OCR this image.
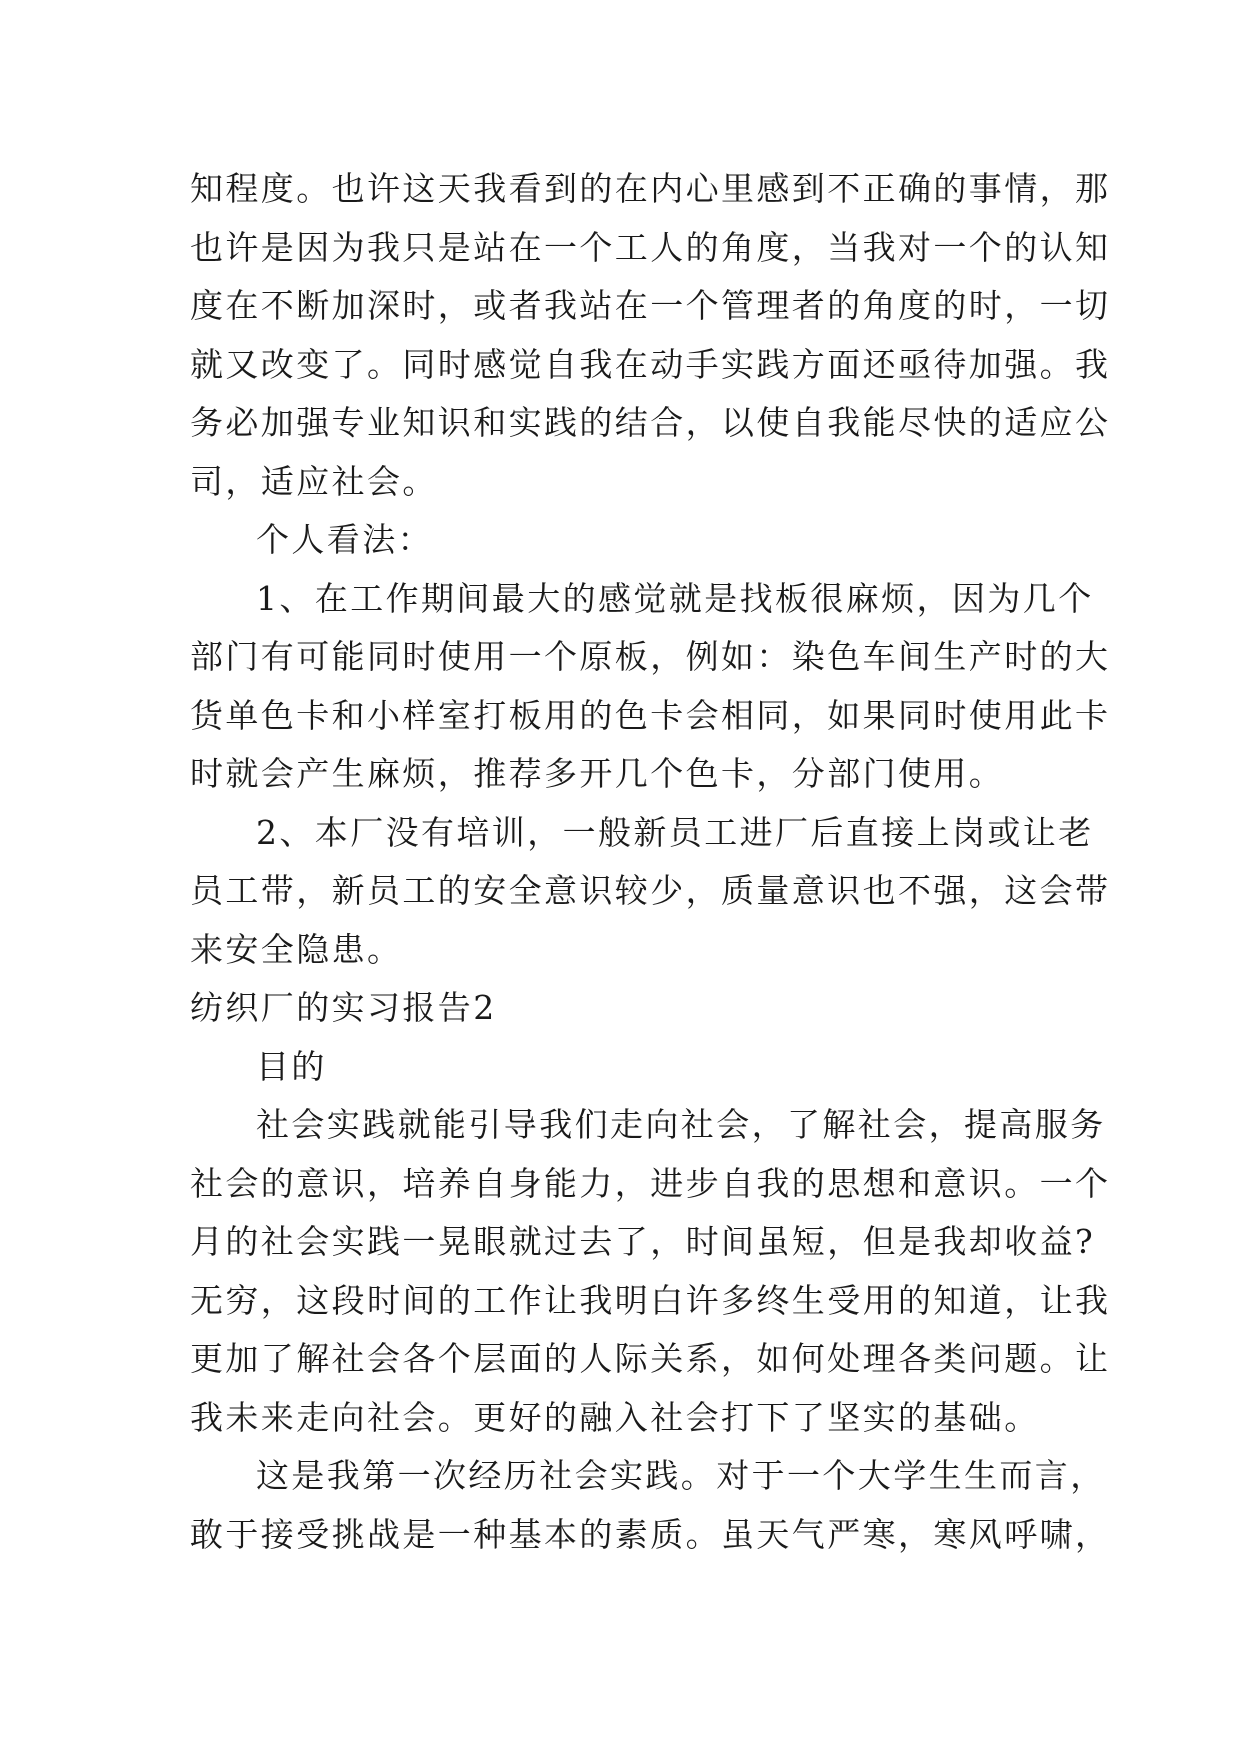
知程度。也许这天我看到的在内心里感到不正确的事情，那
也许是因为我只是站在一个工人的角度，当我对一个的认知
度在不断加深时，或者我站在一个管理者的角度的时，一切
就又改变了。同时感觉自我在动手实践方面还亟待加强。我
务必加强专业知识和实践的结合，以使自我能尽快的适应公
司，适应社会。
个人看法：
1、在工作期间最大的感觉就是找板很麻烦，因为几个
部门有可能同时使用一个原板，例如：染色车间生产时的大
货单色卡和小样室打板用的色卡会相同，如果同时使用此卡
时就会产生麻烦，推荐多开几个色卡，分部门使用。
2、本厂没有培训，一般新员工进厂后直接上岗或让老
员工带，新员工的安全意识较少，质量意识也不强，这会带
来安全隐患。
纺织厂的实习报告2
目的
社会实践就能引导我们走向社会，了解社会，提高服务
社会的意识，培养自身能力，进步自我的思想和意识。一个
月的社会实践一晃眼就过去了，时间虽短，但是我却收益?
无穷，这段时间的工作让我明白许多终生受用的知道，让我
更加了解社会各个层面的人际关系，如何处理各类问题。让
我未来走向社会。更好的融入社会打下了坚实的基础。
这是我第一次经历社会实践。对于一个大学生生而言，
敢于接受挑战是一种基本的素质。虽天气严寒，寒风呼啸，
